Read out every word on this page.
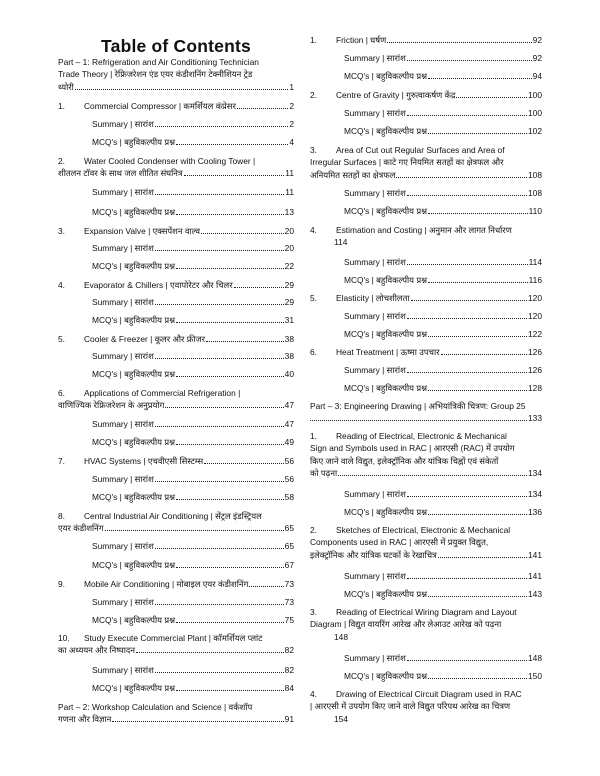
Table of Contents
Part – 1: Refrigeration and Air Conditioning Technician
Trade Theory | रेफ्रिजरेशन एंड एयर कंडीशनिंग टेक्नीशियन ट्रेड
थ्योरी	1
1.	Commercial Compressor | कमर्शियल कंप्रेसर	2
Summary | सारांश	2
MCQ's | बहुविकल्पीय प्रश्न	4
2. Water Cooled Condenser with Cooling Tower |
शीतलन टॉवर के साथ जल शीतित संघनित्र	11
Summary | सारांश	11
MCQ's | बहुविकल्पीय प्रश्न	13
3.	Expansion Valve | एक्सपेंशन वाल्व	20
Summary | सारांश	20
MCQ's | बहुविकल्पीय प्रश्न	22
4.	Evaporator & Chillers | एवापोरेटर और चिलर	29
Summary | सारांश	29
MCQ's | बहुविकल्पीय प्रश्न	31
5.	Cooler & Freezer | कूलर और फ्रीजर	38
Summary | सारांश	38
MCQ's | बहुविकल्पीय प्रश्न	40
6. Applications of Commercial Refrigeration |
वाणिज्यिक रेफ्रिजरेशन के अनुप्रयोग	47
Summary | सारांश	47
MCQ's | बहुविकल्पीय प्रश्न	49
7.	HVAC Systems | एचवीएसी सिस्टम्स	56
Summary | सारांश	56
MCQ's | बहुविकल्पीय प्रश्न	58
8. Central Industrial Air Conditioning | सेंट्रल इंडस्ट्रियल
एयर कंडीशनिंग	65
Summary | सारांश	65
MCQ's | बहुविकल्पीय प्रश्न	67
9.	Mobile Air Conditioning | मोबाइल एयर कंडीशनिंग	73
Summary | सारांश	73
MCQ's | बहुविकल्पीय प्रश्न	75
10. Study Execute Commercial Plant | कॉमर्शियल प्लांट
का अध्ययन और निष्पादन	82
Summary | सारांश	82
MCQ's | बहुविकल्पीय प्रश्न	84
Part – 2: Workshop Calculation and Science | वर्कशॉप
गणना और विज्ञान	91
1.	Friction | घर्षण	92
Summary | सारांश	92
MCQ's | बहुविकल्पीय प्रश्न	94
2.	Centre of Gravity | गुरुत्वाकर्षण केंद्र	100
Summary | सारांश	100
MCQ's | बहुविकल्पीय प्रश्न	102
3. Area of Cut out Regular Surfaces and Area of
Irregular Surfaces | काटे गए नियमित सतहों का क्षेत्रफल और
अनियमित सतहों का क्षेत्रफल	108
Summary | सारांश	108
MCQ's | बहुविकल्पीय प्रश्न	110
4. Estimation and Costing | अनुमान और लागत निर्धारण
114
Summary | सारांश	114
MCQ's | बहुविकल्पीय प्रश्न	116
5.	Elasticity | लोचशीलता	120
Summary | सारांश	120
MCQ's | बहुविकल्पीय प्रश्न	122
6.	Heat Treatment | ऊष्मा उपचार	126
Summary | सारांश	126
MCQ's | बहुविकल्पीय प्रश्न	128
Part – 3: Engineering Drawing | अभियांत्रिकी चित्रण: Group 25
133
1. Reading of Electrical, Electronic & Mechanical
Sign and Symbols used in RAC | आरएसी (RAC) में उपयोग
किए जाने वाले विद्युत, इलेक्ट्रॉनिक और यांत्रिक चिह्नों एवं संकेतों
को पढ़ना	134
Summary | सारांश	134
MCQ's | बहुविकल्पीय प्रश्न	136
2. Sketches of Electrical, Electronic & Mechanical
Components used in RAC | आरएसी में प्रयुक्त विद्युत,
इलेक्ट्रॉनिक और यांत्रिक घटकों के रेखाचित्र	141
Summary | सारांश	141
MCQ's | बहुविकल्पीय प्रश्न	143
3. Reading of Electrical Wiring Diagram and Layout
Diagram | विद्युत वायरिंग आरेख और लेआउट आरेख को पढ़ना
148
Summary | सारांश	148
MCQ's | बहुविकल्पीय प्रश्न	150
4. Drawing of Electrical Circuit Diagram used in RAC
| आरएसी में उपयोग किए जाने वाले विद्युत परिपथ आरेख का चित्रण
154
